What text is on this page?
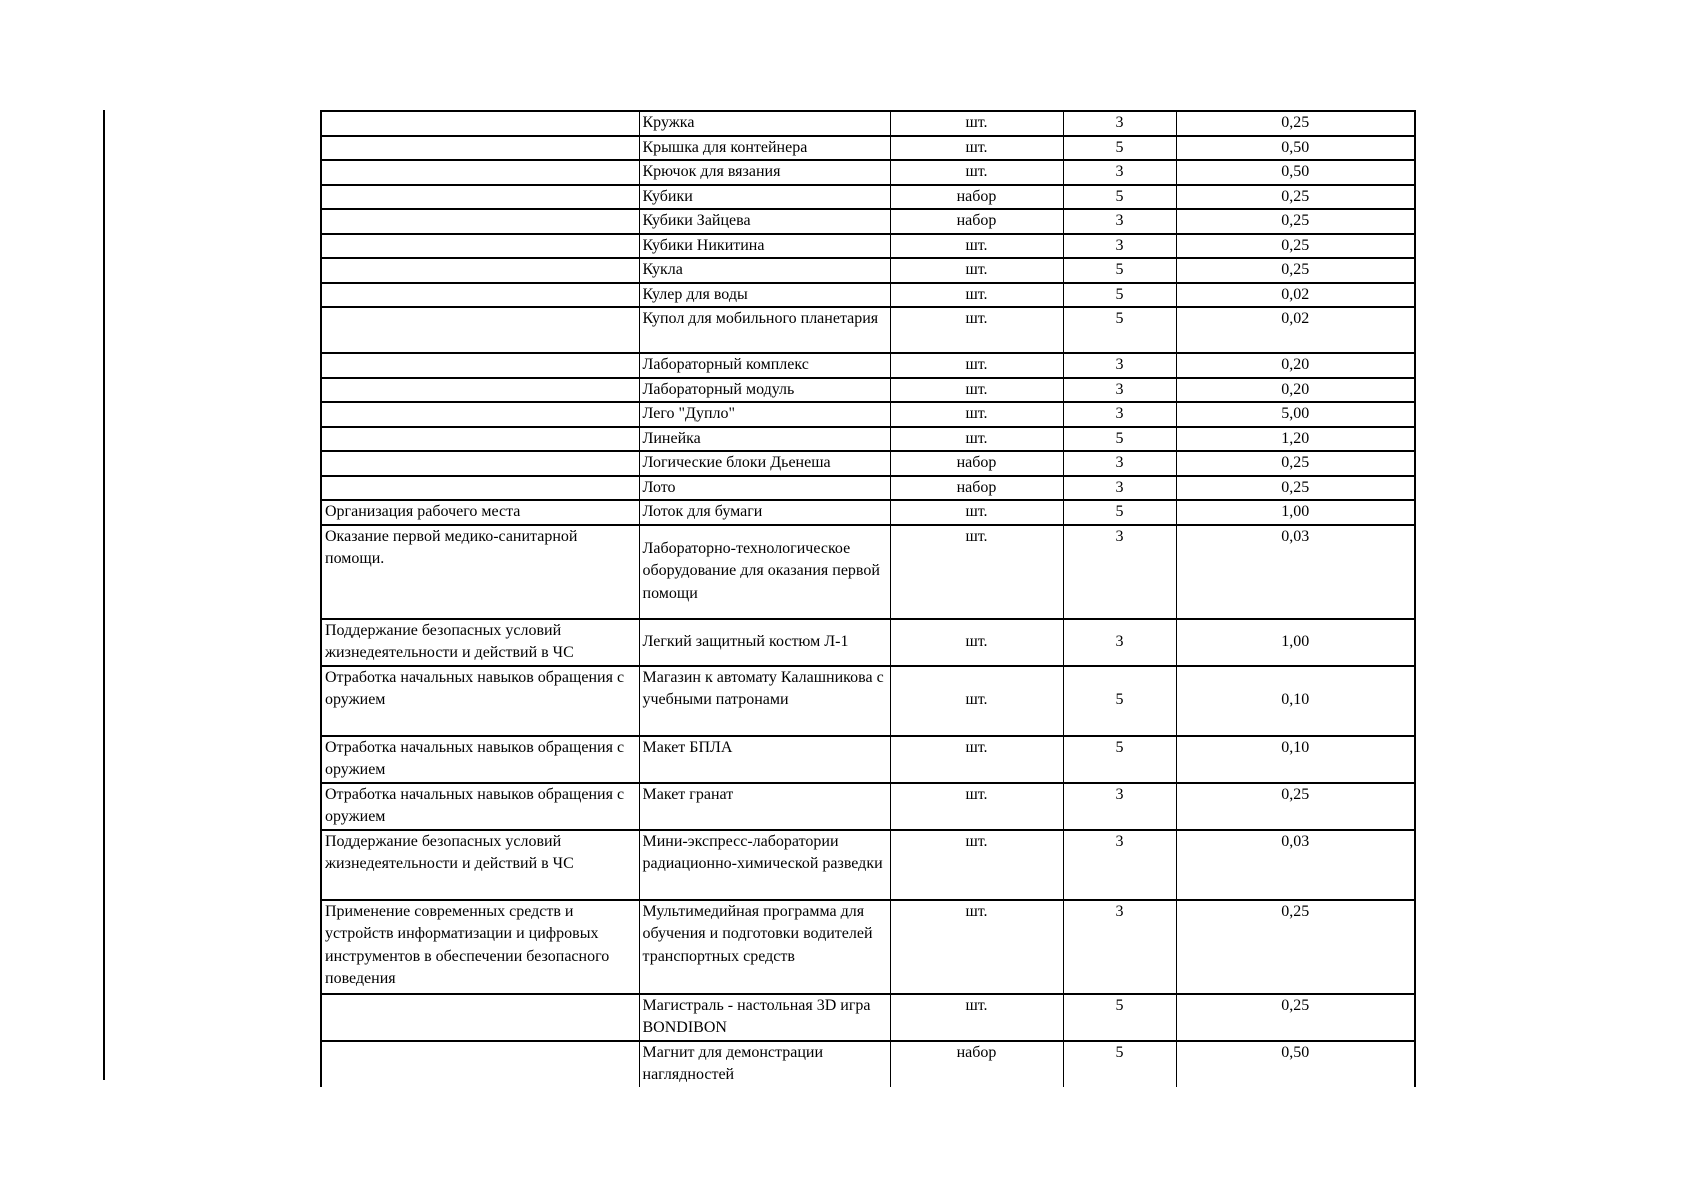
	Кружка	шт.	3	0,25
	Крышка для контейнера	шт.	5	0,50
	Крючок для вязания	шт.	3	0,50
	Кубики	набор	5	0,25
	Кубики Зайцева	набор	3	0,25
	Кубики Никитина	шт.	3	0,25
	Кукла	шт.	5	0,25
	Кулер для воды	шт.	5	0,02
	Купол для мобильного планетария	шт.	5	0,02
	Лабораторный комплекс	шт.	3	0,20
	Лабораторный модуль	шт.	3	0,20
	Лего "Дупло"	шт.	3	5,00
	Линейка	шт.	5	1,20
	Логические блоки Дьенеша	набор	3	0,25
	Лото	набор	3	0,25
Организация рабочего места	Лоток для бумаги	шт.	5	1,00
Оказание первой медико-санитарной помощи.	Лабораторно-технологическое оборудование для оказания первой помощи	шт.	3	0,03
Поддержание безопасных условий жизнедеятельности и действий в ЧС	Легкий защитный костюм Л-1	шт.	3	1,00
Отработка начальных навыков обращения с оружием	Магазин к автомату Калашникова с учебными патронами	шт.	5	0,10
Отработка начальных навыков обращения с оружием	Макет БПЛА	шт.	5	0,10
Отработка начальных навыков обращения с оружием	Макет гранат	шт.	3	0,25
Поддержание безопасных условий жизнедеятельности и действий в ЧС	Мини-экспресс-лаборатории радиационно-химической разведки	шт.	3	0,03
Применение современных средств и устройств информатизации и цифровых инструментов в обеспечении безопасного поведения	Мультимедийная программа для обучения и подготовки водителей транспортных средств	шт.	3	0,25
	Магистраль - настольная 3D игра BONDIBON	шт.	5	0,25
	Магнит для демонстрации наглядностей	набор	5	0,50
